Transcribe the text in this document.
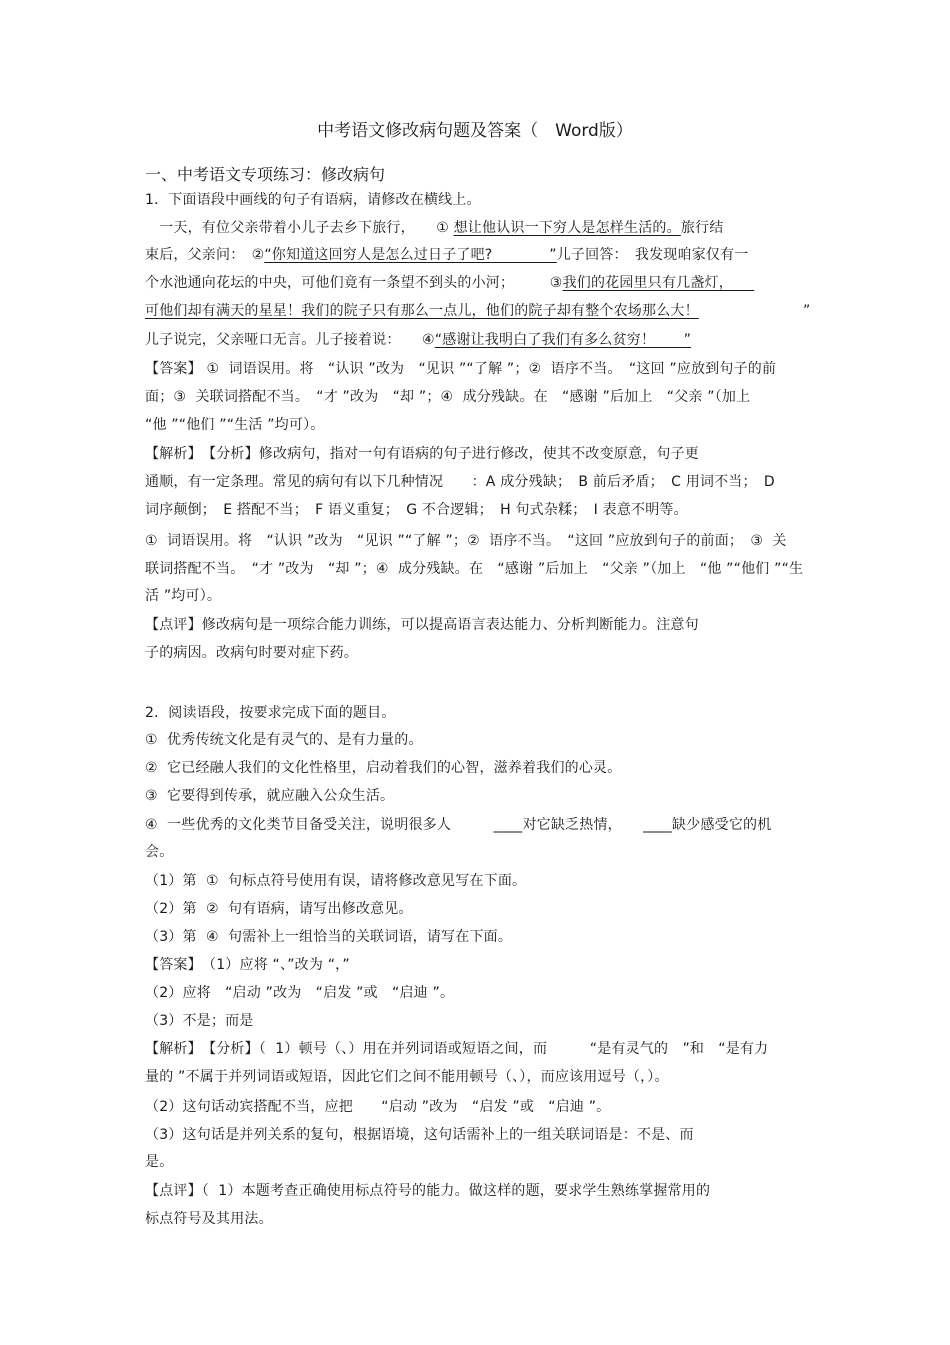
中考语文修改病句题及答案（　Word版）
一、中考语文专项练习：修改病句
1．下面语段中画线的句子有语病，请修改在横线上。
　一天，有位父亲带着小儿子去乡下旅行，　　① 想让他认识一下穷人是怎样生活的。旅行结
束后，父亲问：　②“你知道这回穷人是怎么过日子了吧?　　　　”儿子回答：　我发现咱家仅有一
个水池通向花坛的中央，可他们竟有一条望不到头的小河；　　　③我们的花园里只有几盏灯，　　
可他们却有满天的星星！我们的院子只有那么一点儿，他们的院子却有整个农场那么大！	”
儿子说完，父亲哑口无言。儿子接着说：　　④“感谢让我明白了我们有多么贫穷！　　”
【答案】 ①  词语误用。将　“认识 ”改为　“见识 ”“了解 ”；②  语序不当。　“这回 ”应放到句子的前
面；③  关联词搭配不当。　“才 ”改为　“却 ”；④  成分残缺。在　“感谢 ”后加上　“父亲 ”（加上
“他 ”“他们 ”“生活 ”均可）。
【解析】　【分析】修改病句，指对一句有语病的句子进行修改，使其不改变原意，句子更
通顺，有一定条理。常见的病句有以下几种情况　　：A 成分残缺；　B 前后矛盾；　C 用词不当；　D
词序颠倒；　E 搭配不当；　F 语义重复；　G 不合逻辑；　H 句式杂糅；　I 表意不明等。
①  词语误用。将　“认识 ”改为　“见识 ”“了解 ”；②  语序不当。　“这回 ”应放到句子的前面；　③  关
联词搭配不当。　“才 ”改为　“却 ”；④  成分残缺。在　“感谢 ”后加上　“父亲 ”（加上　“他 ”“他们 ”“生
活 ”均可）。
【点评】修改病句是一项综合能力训练，可以提高语言表达能力、分析判断能力。注意句
子的病因。改病句时要对症下药。
2．阅读语段，按要求完成下面的题目。
①  优秀传统文化是有灵气的、是有力量的。
②  它已经融人我们的文化性格里，启动着我们的心智，滋养着我们的心灵。
③  它要得到传承，就应融入公众生活。
④  一些优秀的文化类节目备受关注，说明很多人　　　____对它缺乏热情，　　____缺少感受它的机
会。
（1）第  ①  句标点符号使用有误，请将修改意见写在下面。
（2）第  ②  句有语病，请写出修改意见。
（3）第  ④  句需补上一组恰当的关联词语，请写在下面。
【答案】　（1）应将 “、”改为 “，”
（2）应将　“启动 ”改为　“启发 ”或　“启迪 ”。
（3）不是；而是
【解析】　【分析】（  1）顿号（、）用在并列词语或短语之间，而　　　“是有灵气的　”和　“是有力
量的 ”不属于并列词语或短语，因此它们之间不能用顿号（、），而应该用逗号（，）。
（2）这句话动宾搭配不当，应把　　“启动 ”改为　“启发 ”或　“启迪 ”。
（3）这句话是并列关系的复句，根据语境，这句话需补上的一组关联词语是：不是、而
是。
【点评】（  1）本题考查正确使用标点符号的能力。做这样的题，要求学生熟练掌握常用的
标点符号及其用法。
